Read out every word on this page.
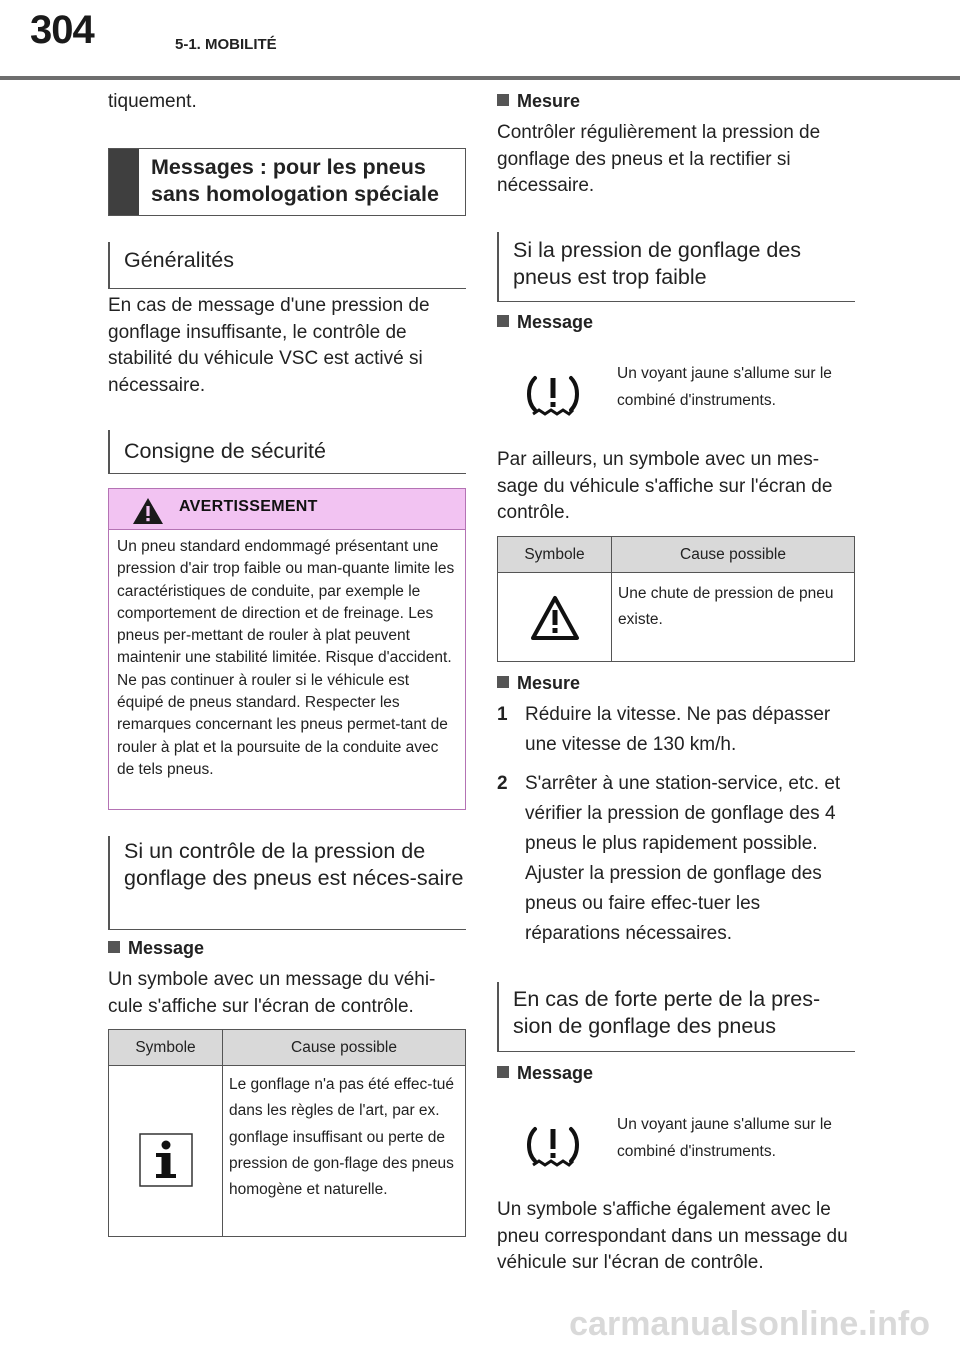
304	5-1. MOBILITÉ
tiquement.
Messages : pour les pneus sans homologation spéciale
Généralités
En cas de message d'une pression de gonflage insuffisante, le contrôle de stabilité du véhicule VSC est activé si nécessaire.
Consigne de sécurité
AVERTISSEMENT
Un pneu standard endommagé présentant une pression d'air trop faible ou man-quante limite les caractéristiques de conduite, par exemple le comportement de direction et de freinage. Les pneus per-mettant de rouler à plat peuvent maintenir une stabilité limitée. Risque d'accident. Ne pas continuer à rouler si le véhicule est équipé de pneus standard. Respecter les remarques concernant les pneus permet-tant de rouler à plat et la poursuite de la conduite avec de tels pneus.
Si un contrôle de la pression de gonflage des pneus est néces-saire
Message
Un symbole avec un message du véhi-cule s'affiche sur l'écran de contrôle.
Symbole	Cause possible
Le gonflage n'a pas été effec-tué dans les règles de l'art, par ex. gonflage insuffisant ou perte de pression de gon-flage des pneus homogène et naturelle.
Mesure
Contrôler régulièrement la pression de gonflage des pneus et la rectifier si nécessaire.
Si la pression de gonflage des pneus est trop faible
Message
Un voyant jaune s'allume sur le combiné d'instruments.
Par ailleurs, un symbole avec un mes-sage du véhicule s'affiche sur l'écran de contrôle.
Symbole	Cause possible
Une chute de pression de pneu existe.
Mesure
1 Réduire la vitesse. Ne pas dépasser une vitesse de 130 km/h.
2 S'arrêter à une station-service, etc. et vérifier la pression de gonflage des 4 pneus le plus rapidement possible. Ajuster la pression de gonflage des pneus ou faire effec-tuer les réparations nécessaires.
En cas de forte perte de la pres-sion de gonflage des pneus
Message
Un voyant jaune s'allume sur le combiné d'instruments.
Un symbole s'affiche également avec le pneu correspondant dans un message du véhicule sur l'écran de contrôle.
carmanualsonline.info
